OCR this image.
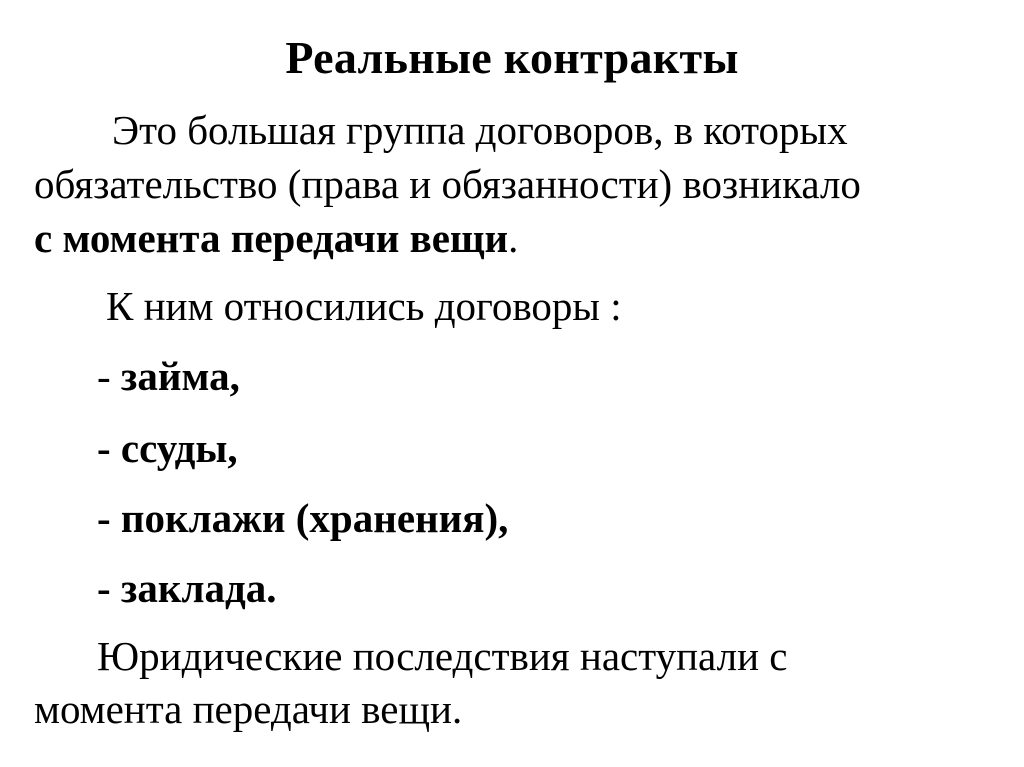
Реальные контракты
Это большая группа договоров, в которых
обязательство (права и обязанности) возникало
с момента передачи вещи.
К ним относились договоры :
- займа,
- ссуды,
- поклажи (хранения),
- заклада.
Юридические последствия наступали с
момента передачи вещи.
